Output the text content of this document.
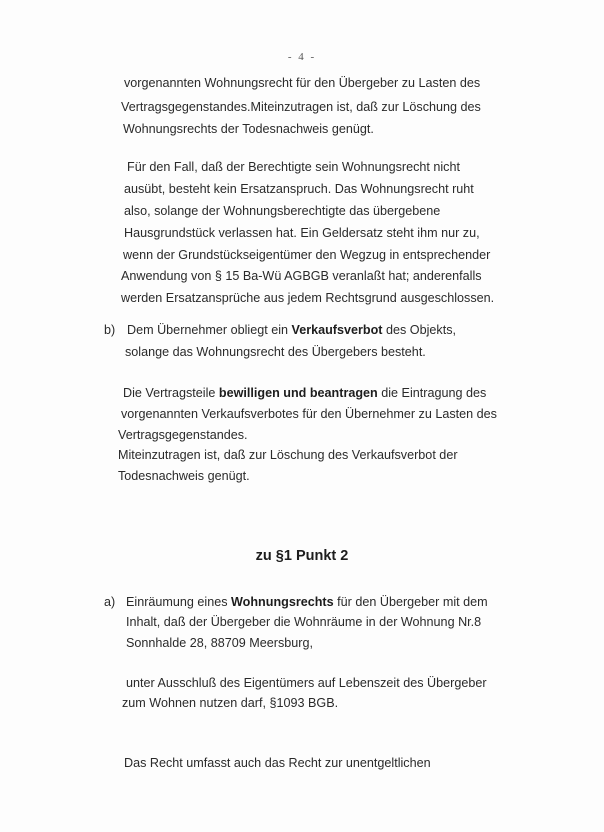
- 4 -
vorgenannten Wohnungsrecht für den Übergeber zu Lasten des
Vertragsgegenstandes.Miteinzutragen ist, daß zur Löschung des
Wohnungsrechts der Todesnachweis genügt.
Für den Fall, daß der Berechtigte sein Wohnungsrecht nicht
ausübt, besteht kein Ersatzanspruch. Das Wohnungsrecht ruht
also, solange der Wohnungsberechtigte das übergebene
Hausgrundstück verlassen hat. Ein Geldersatz steht ihm nur zu,
wenn der Grundstückseigentümer den Wegzug in entsprechender
Anwendung von § 15 Ba-Wü AGBGB veranlaßt hat; anderenfalls
werden Ersatzansprüche aus jedem Rechtsgrund ausgeschlossen.
b) Dem Übernehmer obliegt ein Verkaufsverbot des Objekts,
solange das Wohnungsrecht des Übergebers besteht.
Die Vertragsteile bewilligen und beantragen die Eintragung des
vorgenannten Verkaufsverbotes für den Übernehmer zu Lasten des
Vertragsgegenstandes.
Miteinzutragen ist, daß zur Löschung des Verkaufsverbot der
Todesnachweis genügt.
zu §1 Punkt 2
a) Einräumung eines Wohnungsrechts für den Übergeber mit dem
Inhalt, daß der Übergeber die Wohnräume in der Wohnung Nr.8
Sonnhalde 28, 88709 Meersburg,
unter Ausschluß des Eigentümers auf Lebenszeit des Übergeber
zum Wohnen nutzen darf, §1093 BGB.
Das Recht umfasst auch das Recht zur unentgeltlichen
